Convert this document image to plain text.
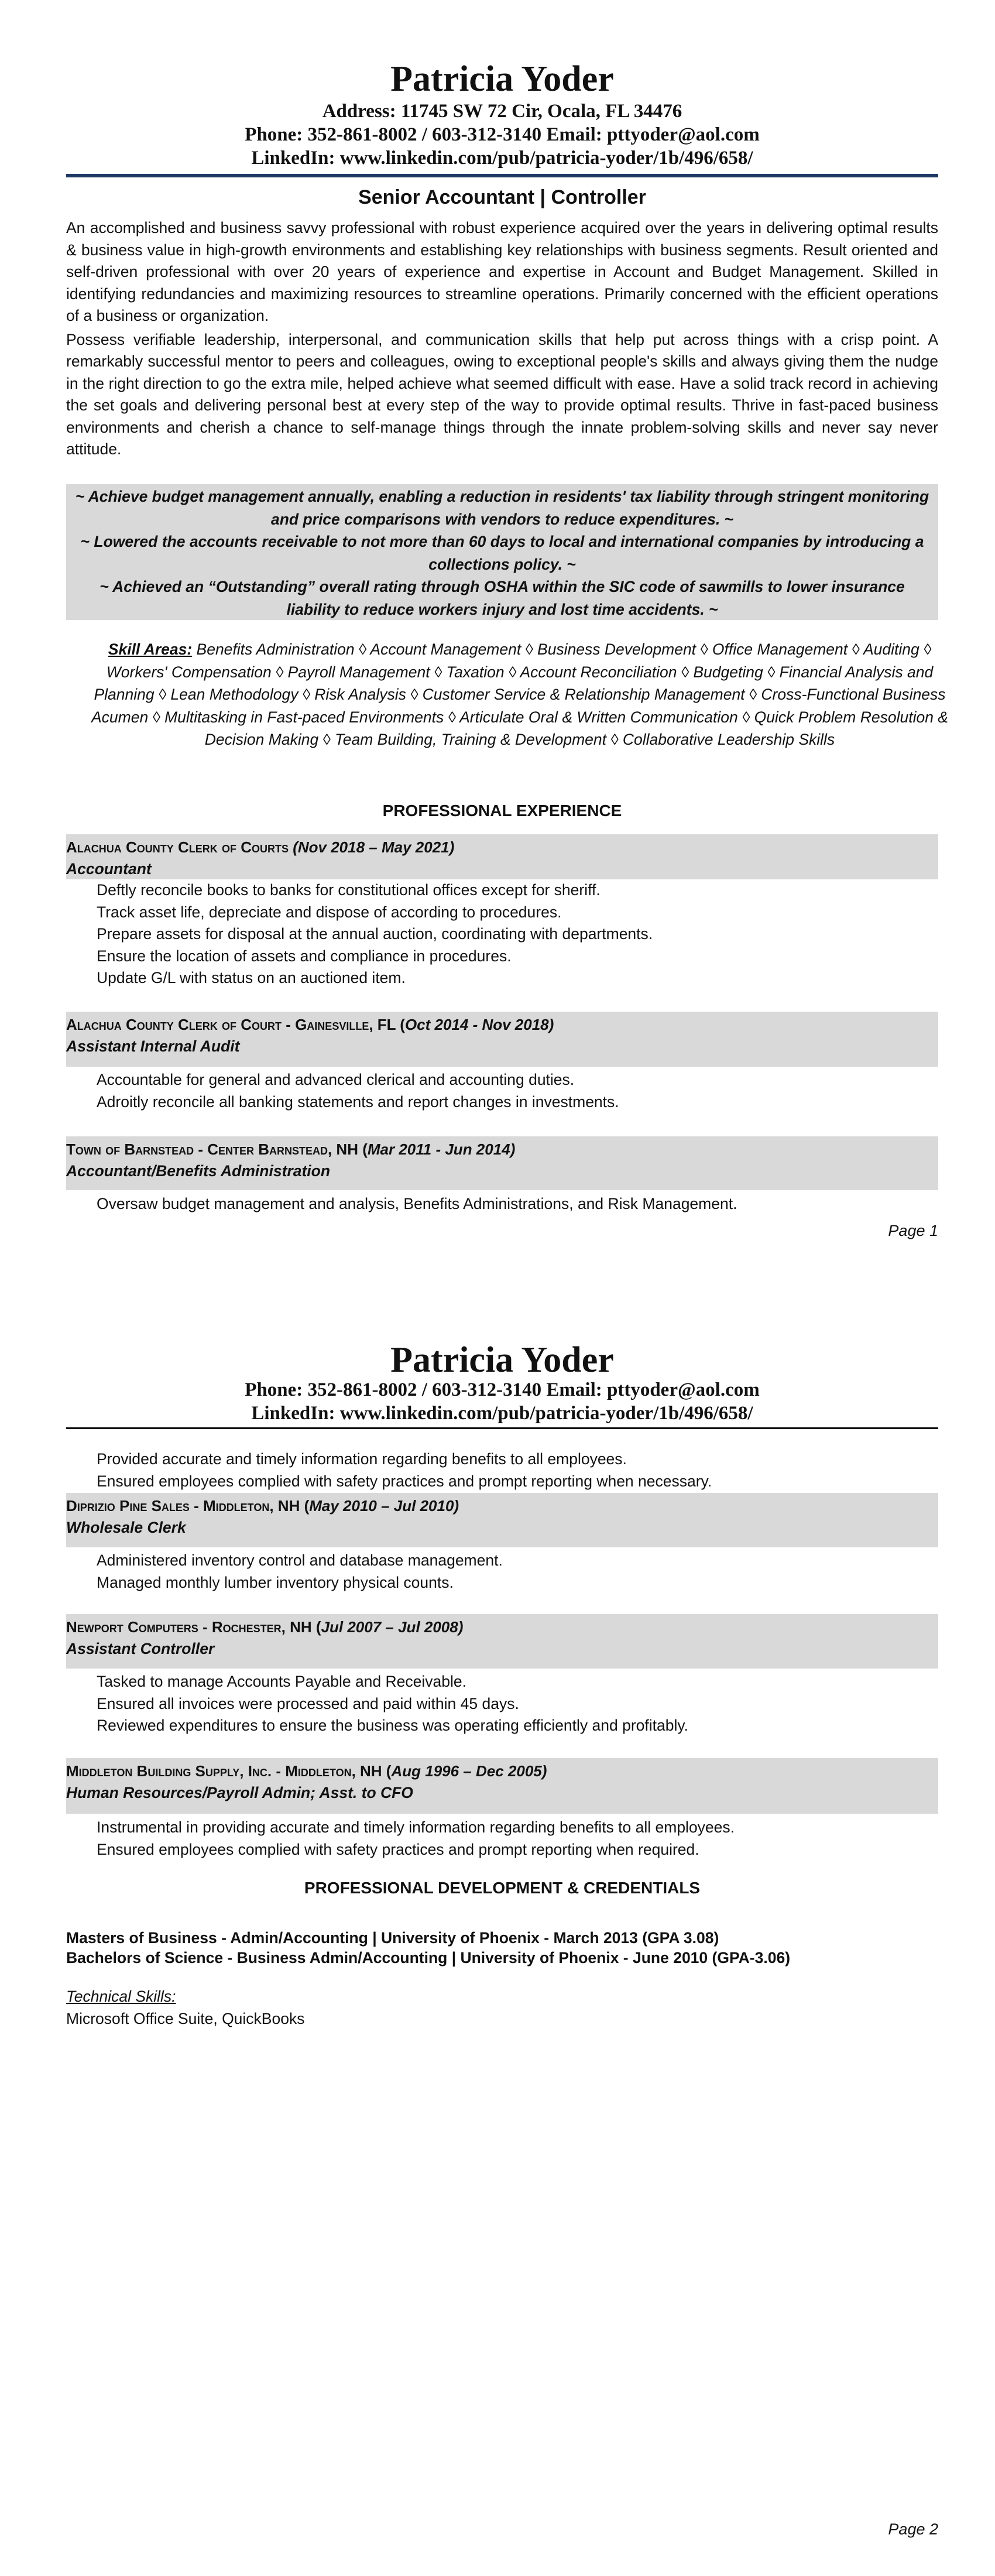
Patricia Yoder
Address: 11745 SW 72 Cir, Ocala, FL 34476
Phone: 352-861-8002 / 603-312-3140 Email: pttyoder@aol.com
LinkedIn: www.linkedin.com/pub/patricia-yoder/1b/496/658/
Senior Accountant | Controller

An accomplished and business savvy professional with robust experience acquired over the years in delivering optimal results & business value in high-growth environments and establishing key relationships with business segments. Result oriented and self-driven professional with over 20 years of experience and expertise in Account and Budget Management. Skilled in identifying redundancies and maximizing resources to streamline operations. Primarily concerned with the efficient operations of a business or organization.

Possess verifiable leadership, interpersonal, and communication skills that help put across things with a crisp point. A remarkably successful mentor to peers and colleagues, owing to exceptional people's skills and always giving them the nudge in the right direction to go the extra mile, helped achieve what seemed difficult with ease. Have a solid track record in achieving the set goals and delivering personal best at every step of the way to provide optimal results. Thrive in fast-paced business environments and cherish a chance to self-manage things through the innate problem-solving skills and never say never attitude.

~ Achieve budget management annually, enabling a reduction in residents' tax liability through stringent monitoring and price comparisons with vendors to reduce expenditures. ~
~ Lowered the accounts receivable to not more than 60 days to local and international companies by introducing a collections policy. ~
~ Achieved an “Outstanding” overall rating through OSHA within the SIC code of sawmills to lower insurance liability to reduce workers injury and lost time accidents. ~
Skill Areas: Benefits Administration ◊ Account Management ◊ Business Development ◊ Office Management ◊ Auditing ◊ Workers' Compensation ◊ Payroll Management ◊ Taxation ◊ Account Reconciliation ◊ Budgeting ◊ Financial Analysis and Planning ◊ Lean Methodology ◊ Risk Analysis ◊ Customer Service & Relationship Management ◊ Cross-Functional Business Acumen ◊ Multitasking in Fast-paced Environments ◊ Articulate Oral & Written Communication ◊ Quick Problem Resolution & Decision Making ◊ Team Building, Training & Development ◊ Collaborative Leadership Skills
PROFESSIONAL EXPERIENCE
Alachua County Clerk of Courts (Nov 2018 – May 2021)
Accountant
Deftly reconcile books to banks for constitutional offices except for sheriff.
Track asset life, depreciate and dispose of according to procedures.
Prepare assets for disposal at the annual auction, coordinating with departments.
Ensure the location of assets and compliance in procedures.
Update G/L with status on an auctioned item.
Alachua County Clerk of Court - Gainesville, FL (Oct 2014 - Nov 2018)
Assistant Internal Audit
Accountable for general and advanced clerical and accounting duties.
Adroitly reconcile all banking statements and report changes in investments.
Town of Barnstead - Center Barnstead, NH (Mar 2011 - Jun 2014)
Accountant/Benefits Administration
Oversaw budget management and analysis, Benefits Administrations, and Risk Management.
Page 1
Patricia Yoder
Phone: 352-861-8002 / 603-312-3140 Email: pttyoder@aol.com
LinkedIn: www.linkedin.com/pub/patricia-yoder/1b/496/658/
Provided accurate and timely information regarding benefits to all employees.
Ensured employees complied with safety practices and prompt reporting when necessary.
Diprizio Pine Sales - Middleton, NH (May 2010 – Jul 2010)
Wholesale Clerk
Administered inventory control and database management.
Managed monthly lumber inventory physical counts.
Newport Computers - Rochester, NH (Jul 2007 – Jul 2008)
Assistant Controller
Tasked to manage Accounts Payable and Receivable.
Ensured all invoices were processed and paid within 45 days.
Reviewed expenditures to ensure the business was operating efficiently and profitably.
Middleton Building Supply, Inc. - Middleton, NH (Aug 1996 – Dec 2005)
Human Resources/Payroll Admin; Asst. to CFO
Instrumental in providing accurate and timely information regarding benefits to all employees.
Ensured employees complied with safety practices and prompt reporting when required.
PROFESSIONAL DEVELOPMENT & CREDENTIALS
Masters of Business - Admin/Accounting | University of Phoenix - March 2013 (GPA 3.08)
Bachelors of Science - Business Admin/Accounting | University of Phoenix - June 2010 (GPA-3.06)
Technical Skills:
Microsoft Office Suite, QuickBooks
Page 2
